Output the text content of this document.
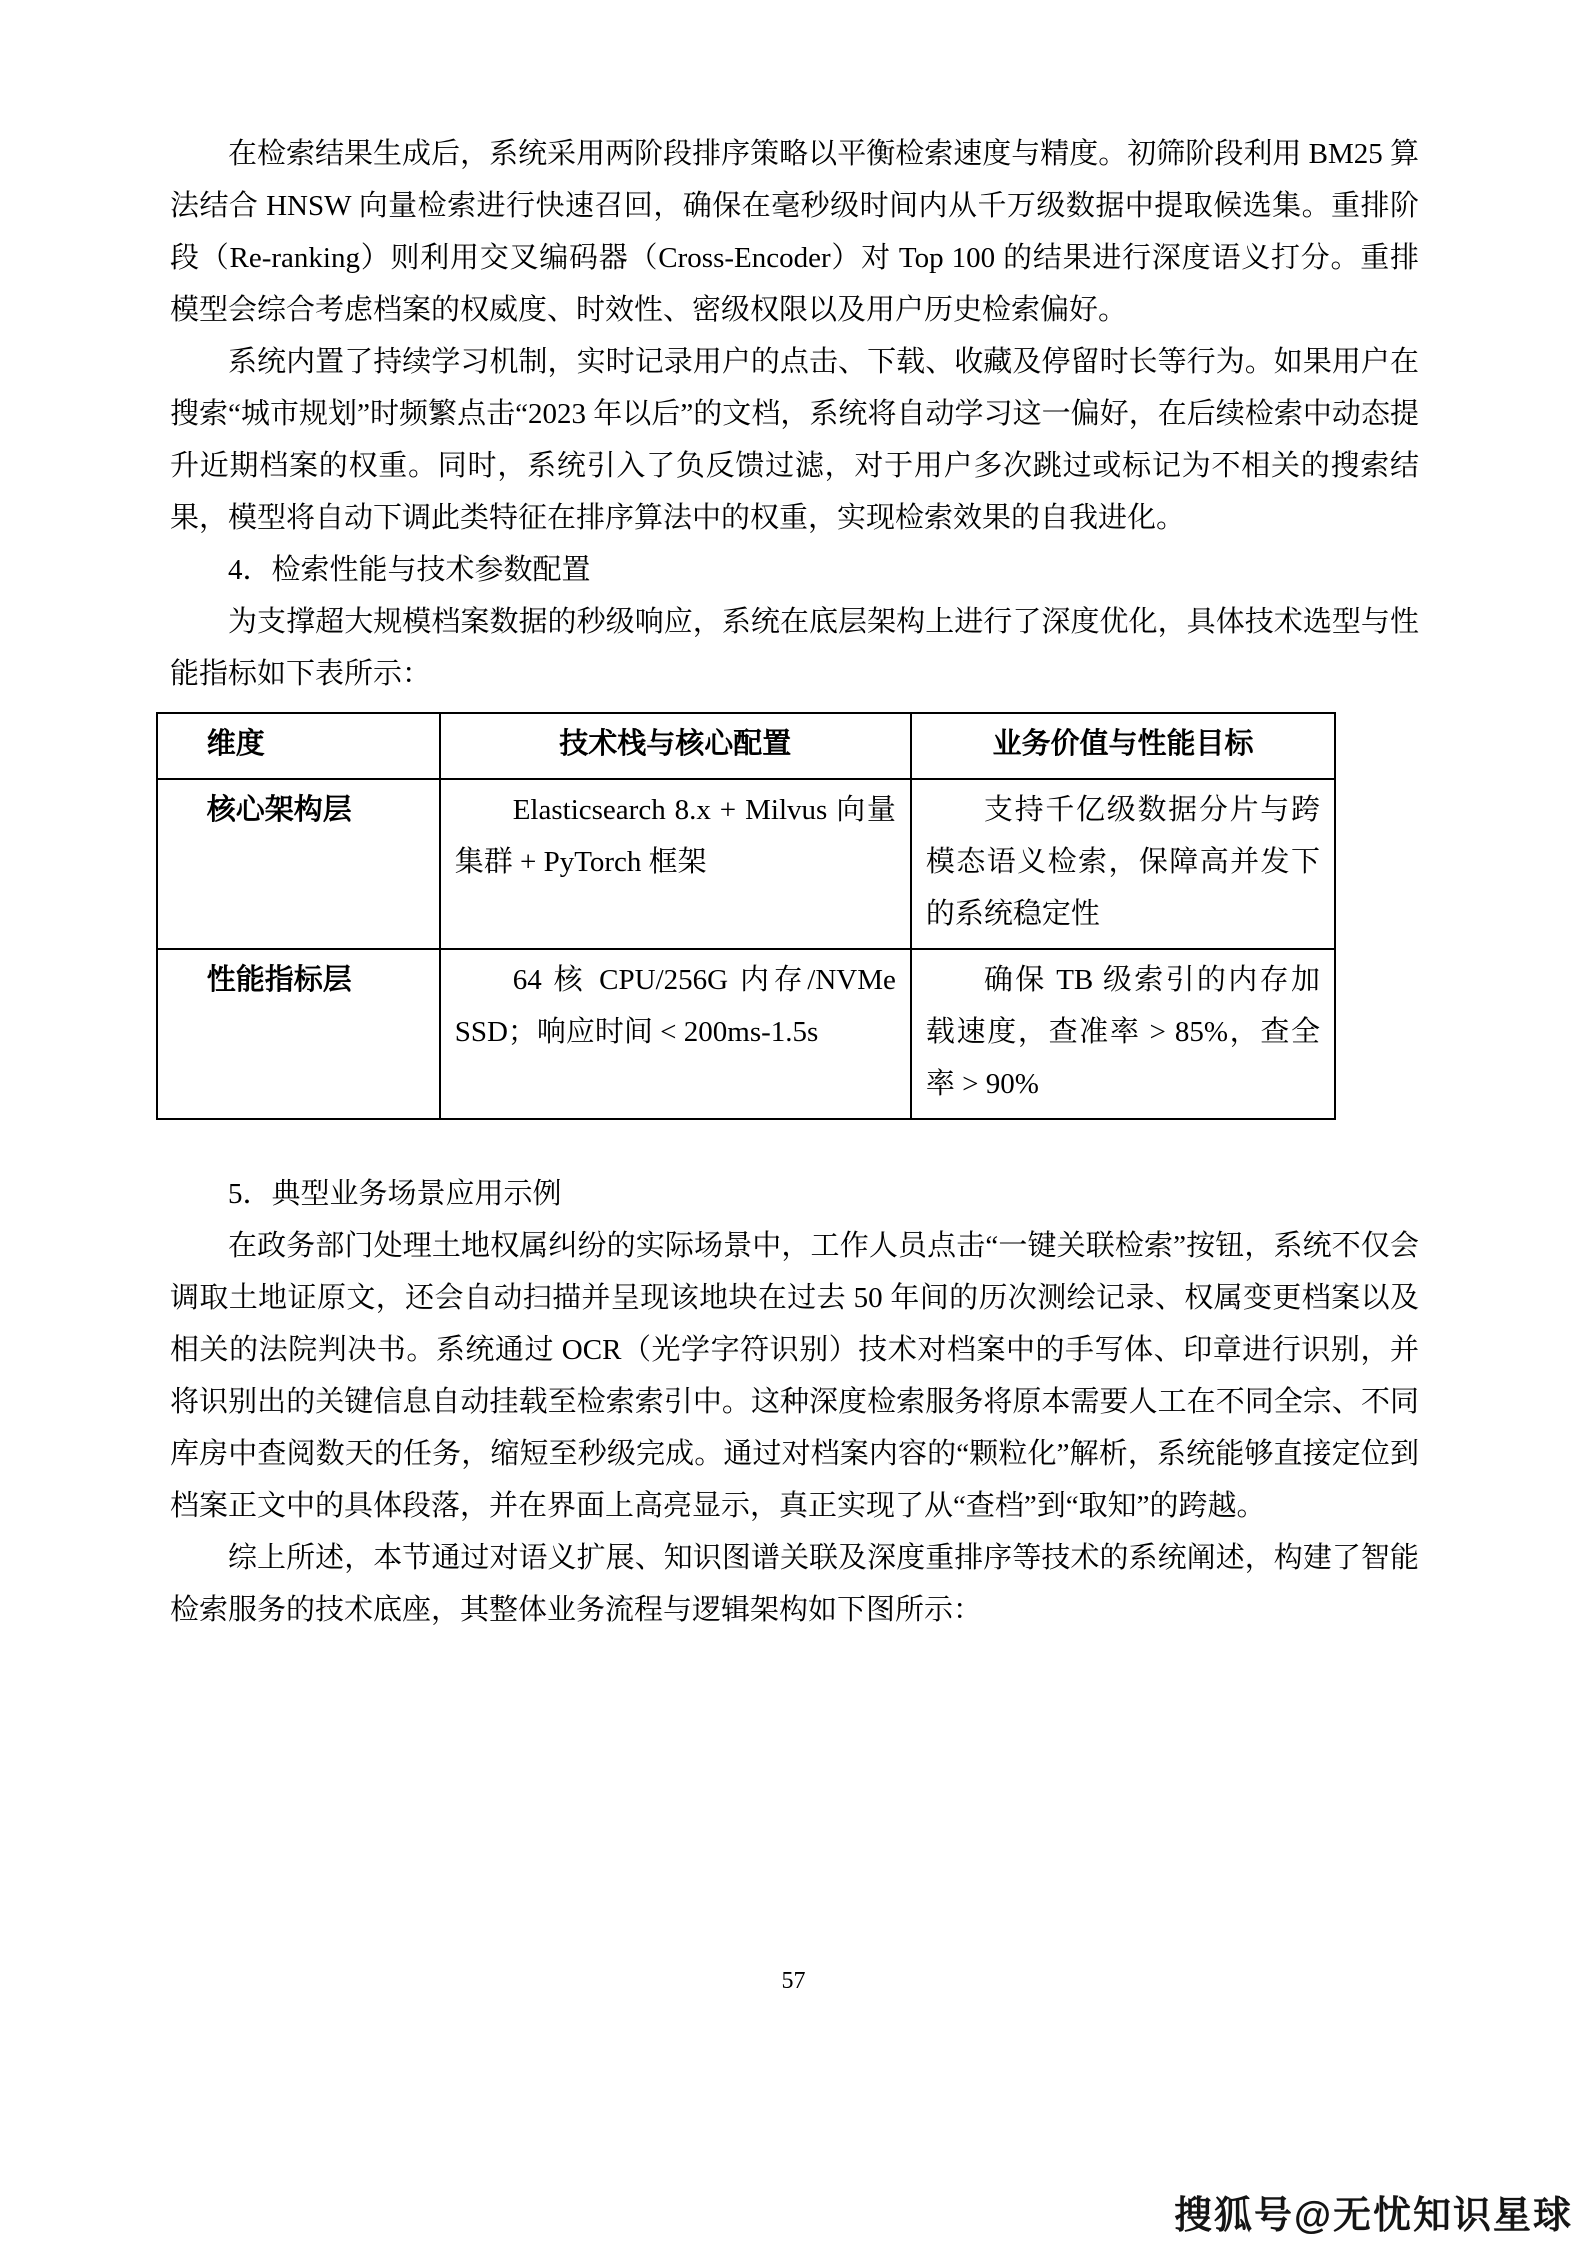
在检索结果生成后，系统采用两阶段排序策略以平衡检索速度与精度。初筛阶段利用 BM25 算法结合 HNSW 向量检索进行快速召回，确保在毫秒级时间内从千万级数据中提取候选集。重排阶段（Re-ranking）则利用交叉编码器（Cross-Encoder）对 Top 100 的结果进行深度语义打分。重排模型会综合考虑档案的权威度、时效性、密级权限以及用户历史检索偏好。

系统内置了持续学习机制，实时记录用户的点击、下载、收藏及停留时长等行为。如果用户在搜索“城市规划”时频繁点击“2023 年以后”的文档，系统将自动学习这一偏好，在后续检索中动态提升近期档案的权重。同时，系统引入了负反馈过滤，对于用户多次跳过或标记为不相关的搜索结果，模型将自动下调此类特征在排序算法中的权重，实现检索效果的自我进化。

4．检索性能与技术参数配置

为支撑超大规模档案数据的秒级响应，系统在底层架构上进行了深度优化，具体技术选型与性能指标如下表所示：

维度	技术栈与核心配置	业务价值与性能目标
核心架构层	Elasticsearch 8.x + Milvus 向量集群 + PyTorch 框架	支持千亿级数据分片与跨模态语义检索，保障高并发下的系统稳定性
性能指标层	64 核 CPU/256G 内存/NVMe SSD；响应时间 < 200ms-1.5s	确保 TB 级索引的内存加载速度，查准率 > 85%，查全率 > 90%

5．典型业务场景应用示例

在政务部门处理土地权属纠纷的实际场景中，工作人员点击“一键关联检索”按钮，系统不仅会调取土地证原文，还会自动扫描并呈现该地块在过去 50 年间的历次测绘记录、权属变更档案以及相关的法院判决书。系统通过 OCR（光学字符识别）技术对档案中的手写体、印章进行识别，并将识别出的关键信息自动挂载至检索索引中。这种深度检索服务将原本需要人工在不同全宗、不同库房中查阅数天的任务，缩短至秒级完成。通过对档案内容的“颗粒化”解析，系统能够直接定位到档案正文中的具体段落，并在界面上高亮显示，真正实现了从“查档”到“取知”的跨越。

综上所述，本节通过对语义扩展、知识图谱关联及深度重排序等技术的系统阐述，构建了智能检索服务的技术底座，其整体业务流程与逻辑架构如下图所示：

57
搜狐号@无忧知识星球
